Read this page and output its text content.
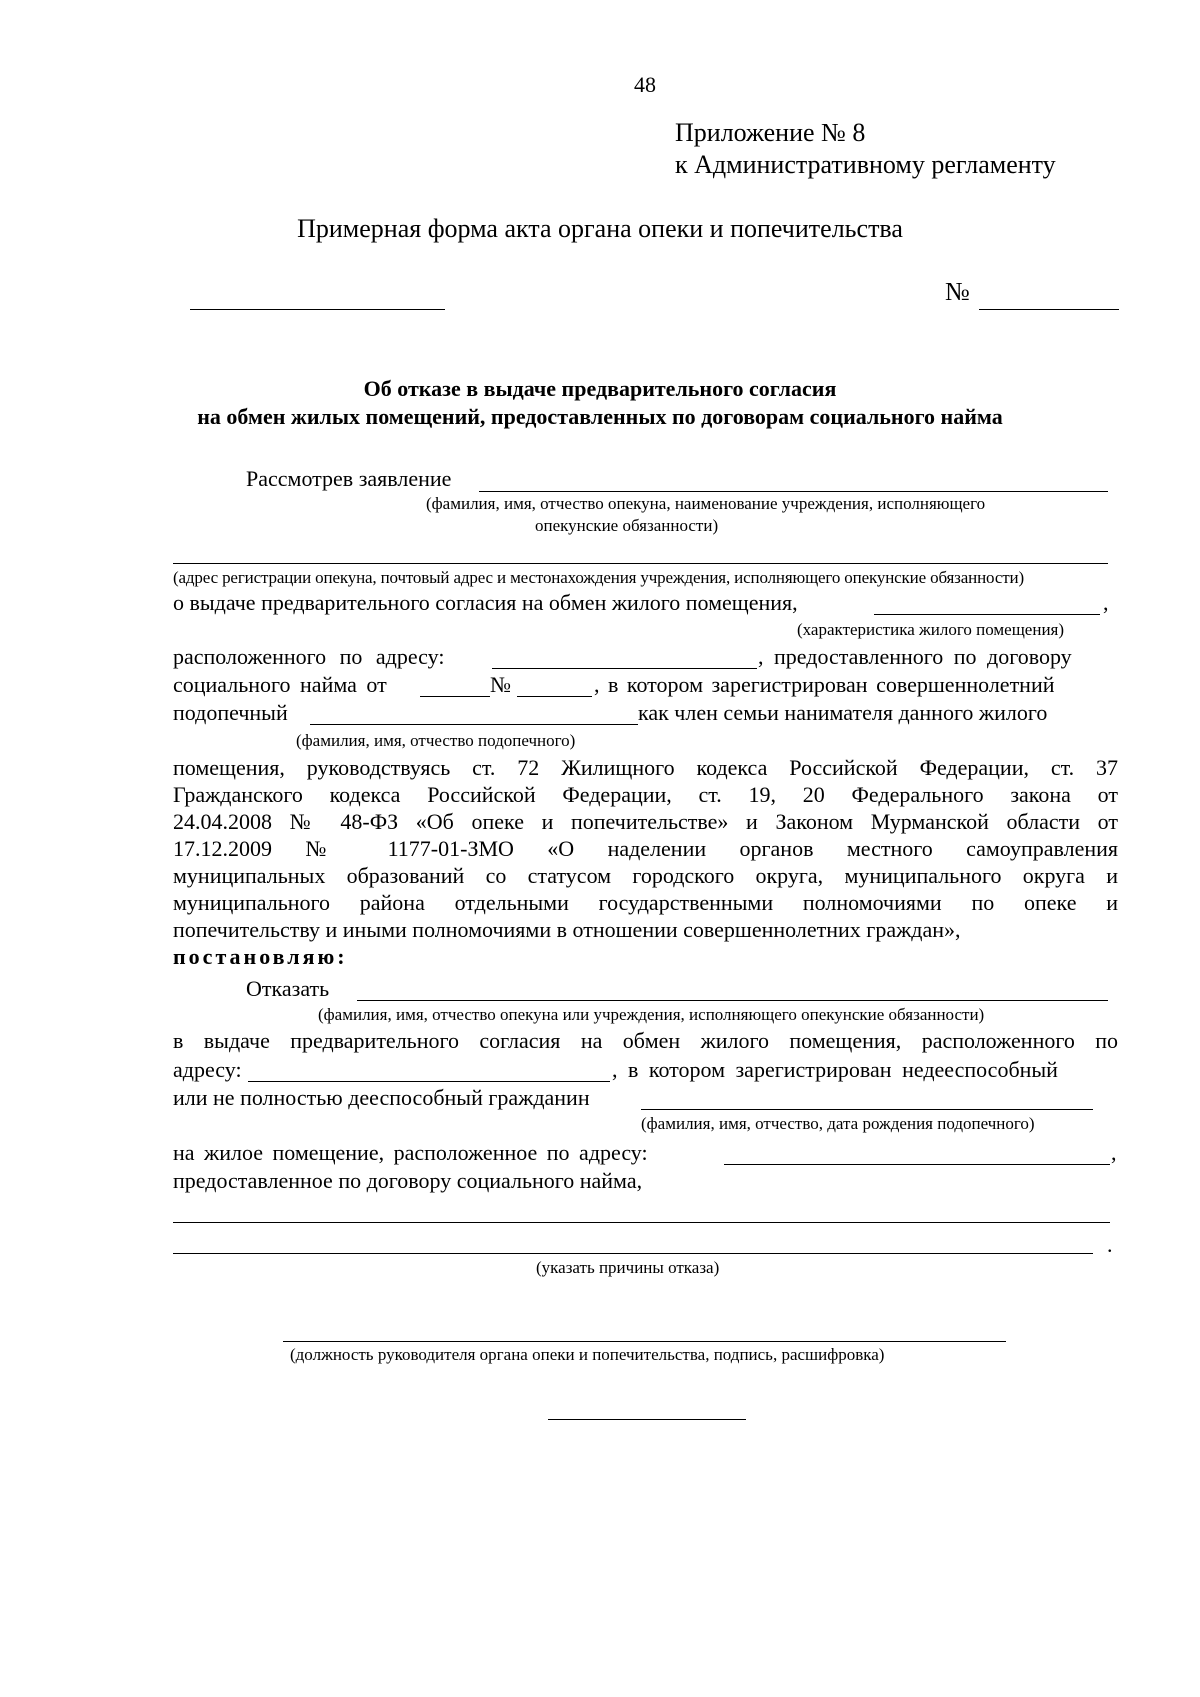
48
Приложение № 8
к Административному регламенту
Примерная форма акта органа опеки и попечительства
№
Об отказе в выдаче предварительного согласия
на обмен жилых помещений, предоставленных по договорам социального найма
Рассмотрев заявление
(фамилия, имя, отчество опекуна, наименование учреждения, исполняющего
опекунские обязанности)
(адрес регистрации опекуна, почтовый адрес и местонахождения учреждения, исполняющего опекунские обязанности)
о выдаче предварительного согласия на обмен жилого помещения,	,
(характеристика жилого помещения)
расположенного по адресу:	, предоставленного по договору
социального найма от	№	, в котором зарегистрирован совершеннолетний
подопечный	как член семьи нанимателя данного жилого
(фамилия, имя, отчество подопечного)
помещения, руководствуясь ст. 72 Жилищного кодекса Российской Федерации, ст. 37
Гражданского кодекса Российской Федерации, ст. 19, 20 Федерального закона от
24.04.2008 № 48-ФЗ «Об опеке и попечительстве» и Законом Мурманской области от
17.12.2009 № 1177-01-ЗМО «О наделении органов местного самоуправления
муниципальных образований со статусом городского округа, муниципального округа и
муниципального района отдельными государственными полномочиями по опеке и
попечительству и иными полномочиями в отношении совершеннолетних граждан»,
постановляю:
Отказать
(фамилия, имя, отчество опекуна или учреждения, исполняющего опекунские обязанности)
в выдаче предварительного согласия на обмен жилого помещения, расположенного по
адресу:	, в котором зарегистрирован недееспособный
или не полностью дееспособный гражданин
(фамилия, имя, отчество, дата рождения подопечного)
на жилое помещение, расположенное по адресу:	,
предоставленное по договору социального найма,
.
(указать причины отказа)
(должность руководителя органа опеки и попечительства, подпись, расшифровка)
